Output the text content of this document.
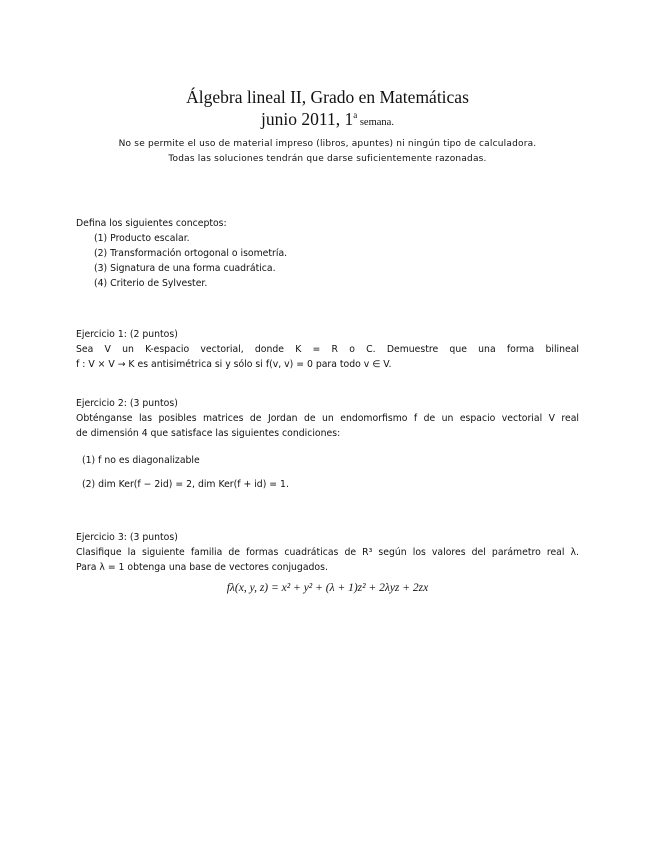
Álgebra lineal II, Grado en Matemáticas
junio 2011, 1$^a$ semana.
No se permite el uso de material impreso (libros, apuntes) ni ningún tipo de calculadora.
Todas las soluciones tendrán que darse suficientemente razonadas.
Defina los siguientes conceptos:
(1) Producto escalar.
(2) Transformación ortogonal o isometría.
(3) Signatura de una forma cuadrática.
(4) Criterio de Sylvester.
Ejercicio 1: (2 puntos)
Sea V un K-espacio vectorial, donde K = R o C. Demuestre que una forma bilineal
f : V × V → K es antisimétrica si y sólo si f(v, v) = 0 para todo v ∈ V.
Ejercicio 2: (3 puntos)
Obténganse las posibles matrices de Jordan de un endomorfismo f de un espacio vectorial V real
de dimensión 4 que satisface las siguientes condiciones:
(1) f no es diagonalizable
(2) dim Ker(f − 2id) = 2, dim Ker(f + id) = 1.
Ejercicio 3: (3 puntos)
Clasifique la siguiente familia de formas cuadráticas de R³ según los valores del parámetro real λ.
Para λ = 1 obtenga una base de vectores conjugados.
fλ(x, y, z) = x² + y² + (λ + 1)z² + 2λyz + 2zx
